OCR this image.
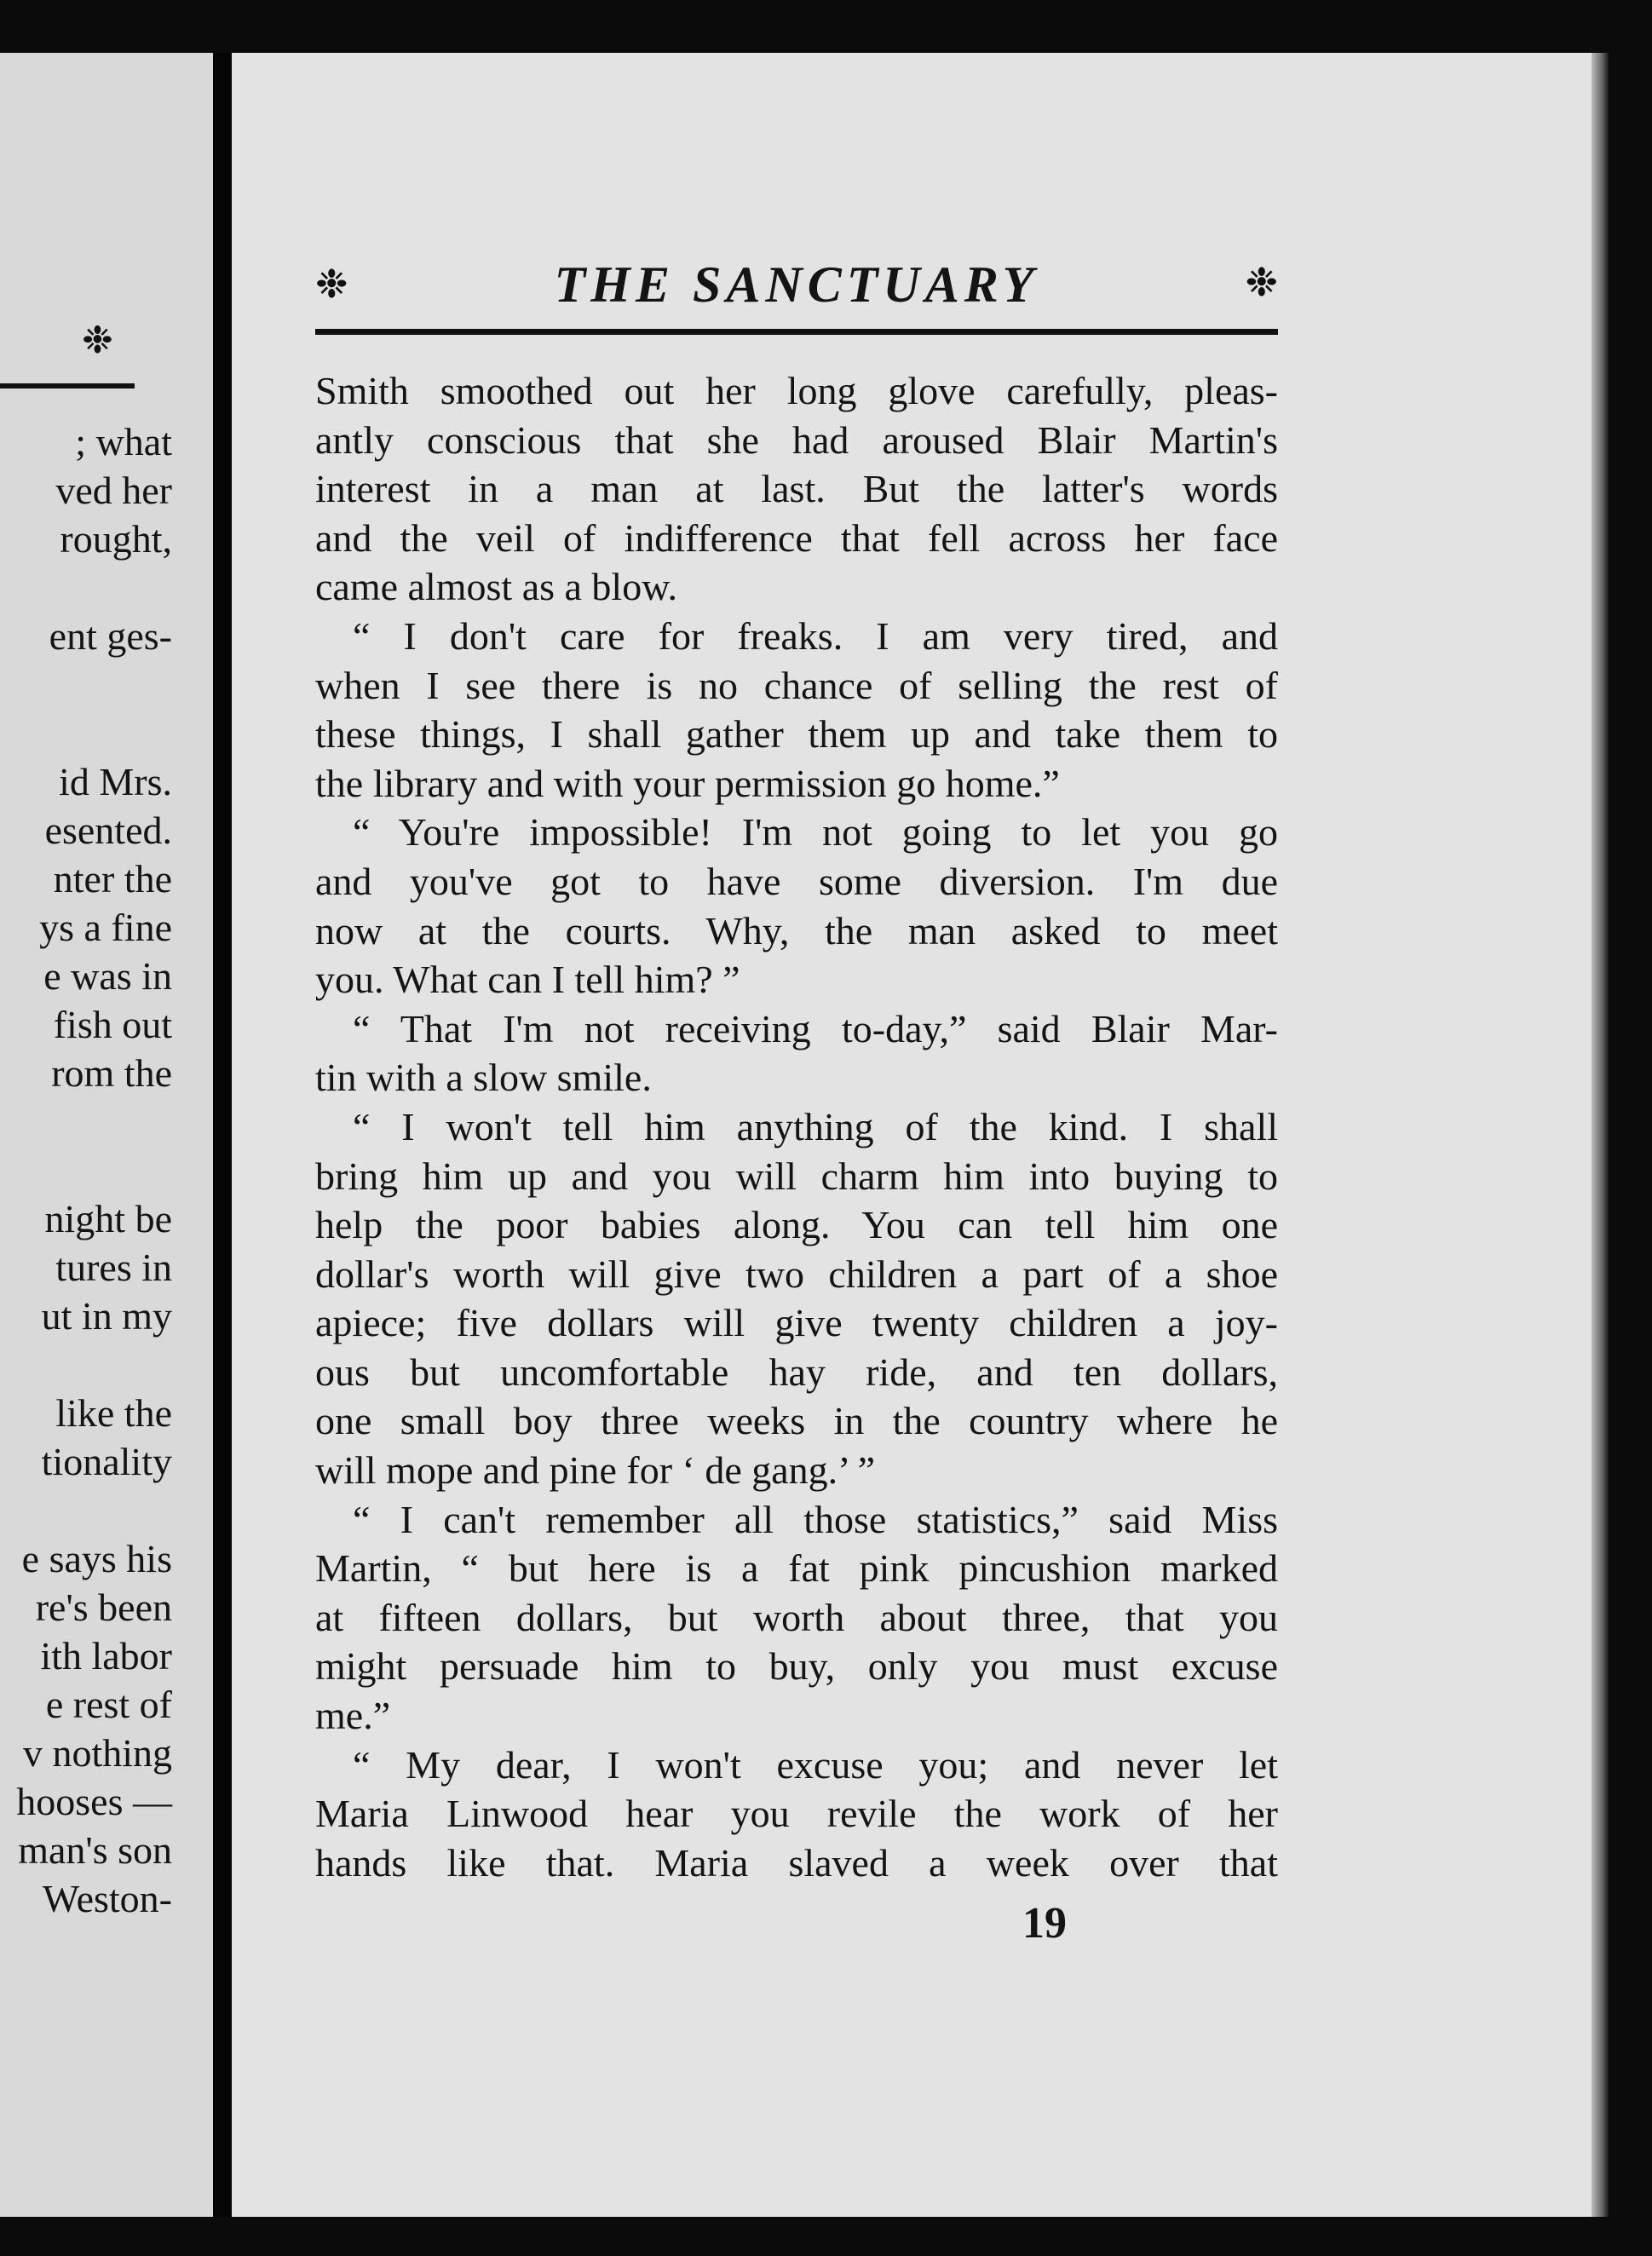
❉
; what
ved her
rought,
ent ges-
id Mrs.
esented.
nter the
ys a fine
e was in
fish out
rom the
night be
tures in
ut in my
like the
tionality
e says his
re's been
ith labor
e rest of
v nothing
hooses —
man's son
Weston-
❉	THE SANCTUARY	❉
Smith smoothed out her long glove carefully, pleas-
antly conscious that she had aroused Blair Martin's
interest in a man at last. But the latter's words
and the veil of indifference that fell across her face
came almost as a blow.
“ I don't care for freaks. I am very tired, and
when I see there is no chance of selling the rest of
these things, I shall gather them up and take them to
the library and with your permission go home.”
“ You're impossible! I'm not going to let you go
and you've got to have some diversion. I'm due
now at the courts. Why, the man asked to meet
you. What can I tell him? ”
“ That I'm not receiving to-day,” said Blair Mar-
tin with a slow smile.
“ I won't tell him anything of the kind. I shall
bring him up and you will charm him into buying to
help the poor babies along. You can tell him one
dollar's worth will give two children a part of a shoe
apiece; five dollars will give twenty children a joy-
ous but uncomfortable hay ride, and ten dollars,
one small boy three weeks in the country where he
will mope and pine for ‘ de gang.’ ”
“ I can't remember all those statistics,” said Miss
Martin, “ but here is a fat pink pincushion marked
at fifteen dollars, but worth about three, that you
might persuade him to buy, only you must excuse
me.”
“ My dear, I won't excuse you; and never let
Maria Linwood hear you revile the work of her
hands like that. Maria slaved a week over that
19
